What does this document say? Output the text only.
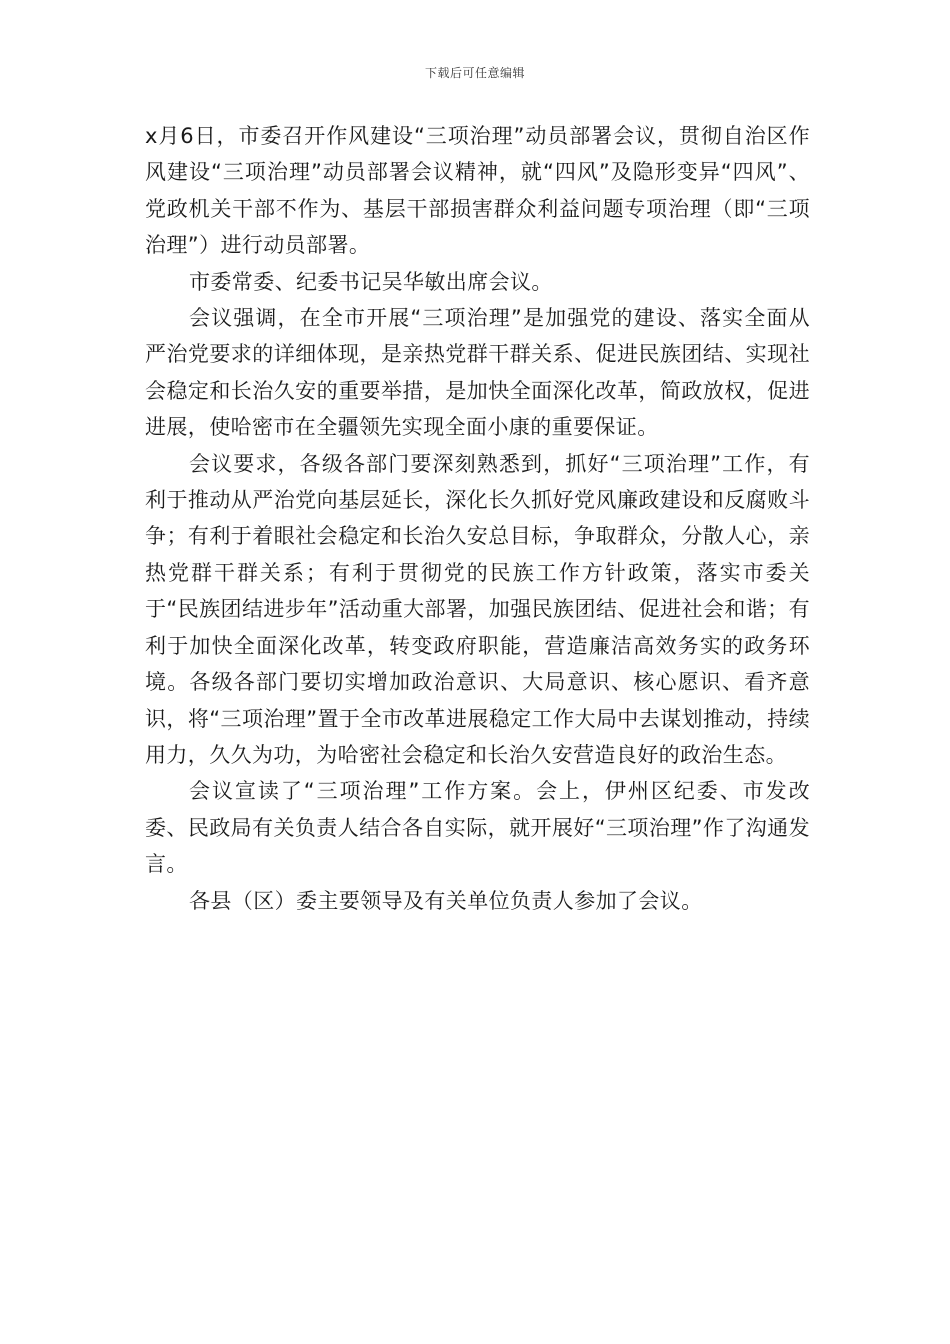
下载后可任意编辑

x月6日，市委召开作风建设“三项治理”动员部署会议，贯彻自治区作风建设“三项治理”动员部署会议精神，就“四风”及隐形变异“四风”、党政机关干部不作为、基层干部损害群众利益问题专项治理（即“三项治理”）进行动员部署。

市委常委、纪委书记吴华敏出席会议。

会议强调，在全市开展“三项治理”是加强党的建设、落实全面从严治党要求的详细体现，是亲热党群干群关系、促进民族团结、实现社会稳定和长治久安的重要举措，是加快全面深化改革，简政放权，促进进展，使哈密市在全疆领先实现全面小康的重要保证。

会议要求，各级各部门要深刻熟悉到，抓好“三项治理”工作，有利于推动从严治党向基层延长，深化长久抓好党风廉政建设和反腐败斗争；有利于着眼社会稳定和长治久安总目标，争取群众，分散人心，亲热党群干群关系；有利于贯彻党的民族工作方针政策，落实市委关于“民族团结进步年”活动重大部署，加强民族团结、促进社会和谐；有利于加快全面深化改革，转变政府职能，营造廉洁高效务实的政务环境。各级各部门要切实增加政治意识、大局意识、核心愿识、看齐意识，将“三项治理”置于全市改革进展稳定工作大局中去谋划推动，持续用力，久久为功，为哈密社会稳定和长治久安营造良好的政治生态。

会议宣读了“三项治理”工作方案。会上，伊州区纪委、市发改委、民政局有关负责人结合各自实际，就开展好“三项治理”作了沟通发言。

各县（区）委主要领导及有关单位负责人参加了会议。
